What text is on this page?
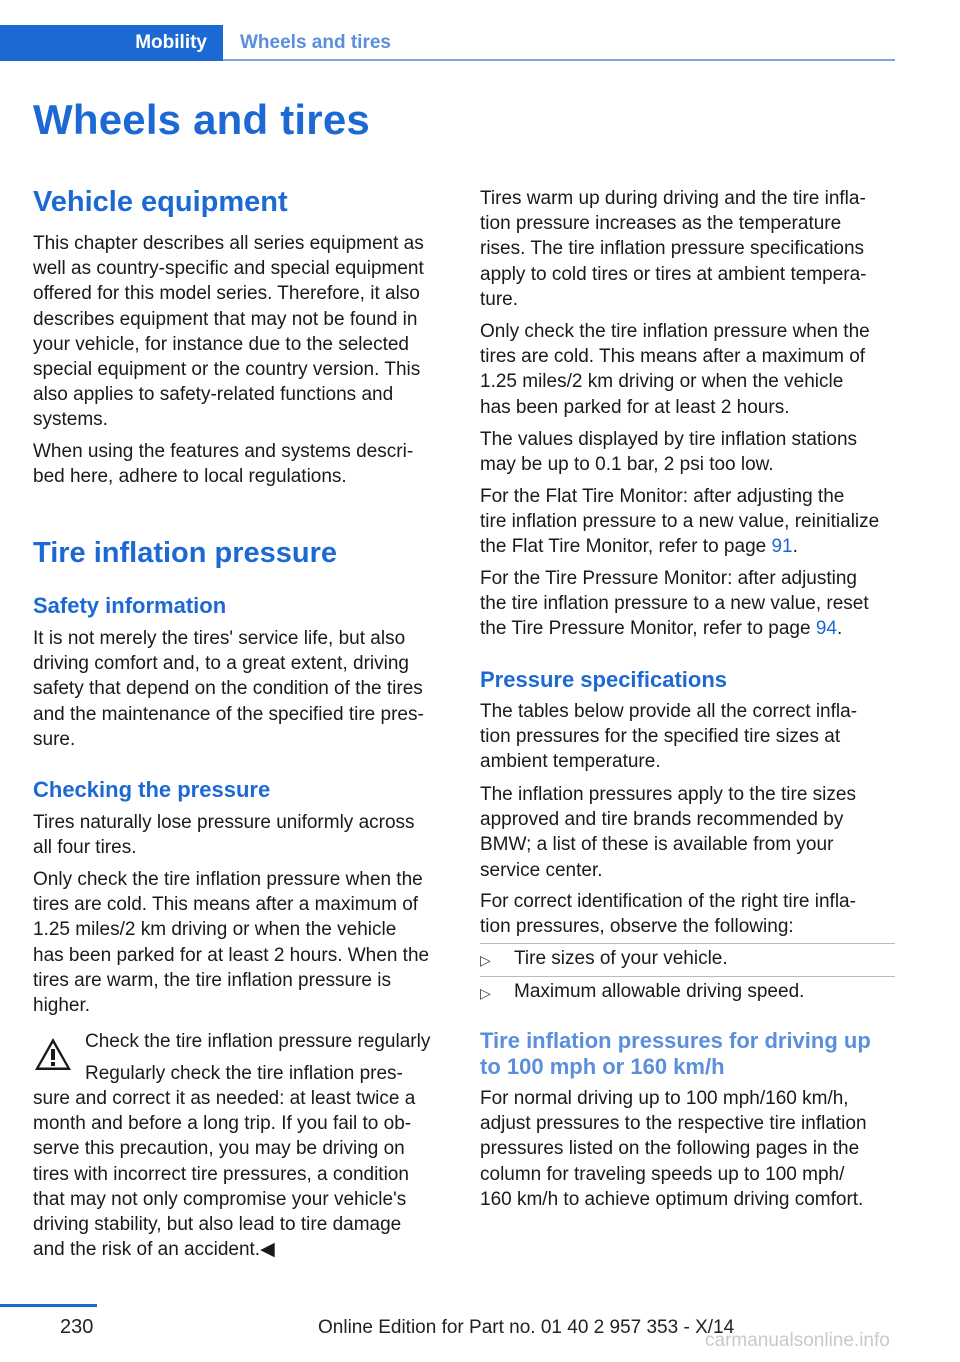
Mobility	Wheels and tires
Wheels and tires
Vehicle equipment
This chapter describes all series equipment as
well as country-specific and special equipment
offered for this model series. Therefore, it also
describes equipment that may not be found in
your vehicle, for instance due to the selected
special equipment or the country version. This
also applies to safety-related functions and
systems.
When using the features and systems descri‐
bed here, adhere to local regulations.
Tire inflation pressure
Safety information
It is not merely the tires' service life, but also
driving comfort and, to a great extent, driving
safety that depend on the condition of the tires
and the maintenance of the specified tire pres‐
sure.
Checking the pressure
Tires naturally lose pressure uniformly across
all four tires.
Only check the tire inflation pressure when the
tires are cold. This means after a maximum of
1.25 miles/2 km driving or when the vehicle
has been parked for at least 2 hours. When the
tires are warm, the tire inflation pressure is
higher.
Check the tire inflation pressure regularly
Regularly check the tire inflation pres‐
sure and correct it as needed: at least twice a
month and before a long trip. If you fail to ob‐
serve this precaution, you may be driving on
tires with incorrect tire pressures, a condition
that may not only compromise your vehicle's
driving stability, but also lead to tire damage
and the risk of an accident.◀
Tires warm up during driving and the tire infla‐
tion pressure increases as the temperature
rises. The tire inflation pressure specifications
apply to cold tires or tires at ambient tempera‐
ture.
Only check the tire inflation pressure when the
tires are cold. This means after a maximum of
1.25 miles/2 km driving or when the vehicle
has been parked for at least 2 hours.
The values displayed by tire inflation stations
may be up to 0.1 bar, 2 psi too low.
For the Flat Tire Monitor: after adjusting the
tire inflation pressure to a new value, reinitialize
the Flat Tire Monitor, refer to page 91.
For the Tire Pressure Monitor: after adjusting
the tire inflation pressure to a new value, reset
the Tire Pressure Monitor, refer to page 94.
Pressure specifications
The tables below provide all the correct infla‐
tion pressures for the specified tire sizes at
ambient temperature.
The inflation pressures apply to the tire sizes
approved and tire brands recommended by
BMW; a list of these is available from your
service center.
For correct identification of the right tire infla‐
tion pressures, observe the following:
▷ Tire sizes of your vehicle.
▷ Maximum allowable driving speed.
Tire inflation pressures for driving up
to 100 mph or 160 km/h
For normal driving up to 100 mph/160 km/h,
adjust pressures to the respective tire inflation
pressures listed on the following pages in the
column for traveling speeds up to 100 mph/
160 km/h to achieve optimum driving comfort.
230	Online Edition for Part no. 01 40 2 957 353 - X/14
carmanualsonline.info
